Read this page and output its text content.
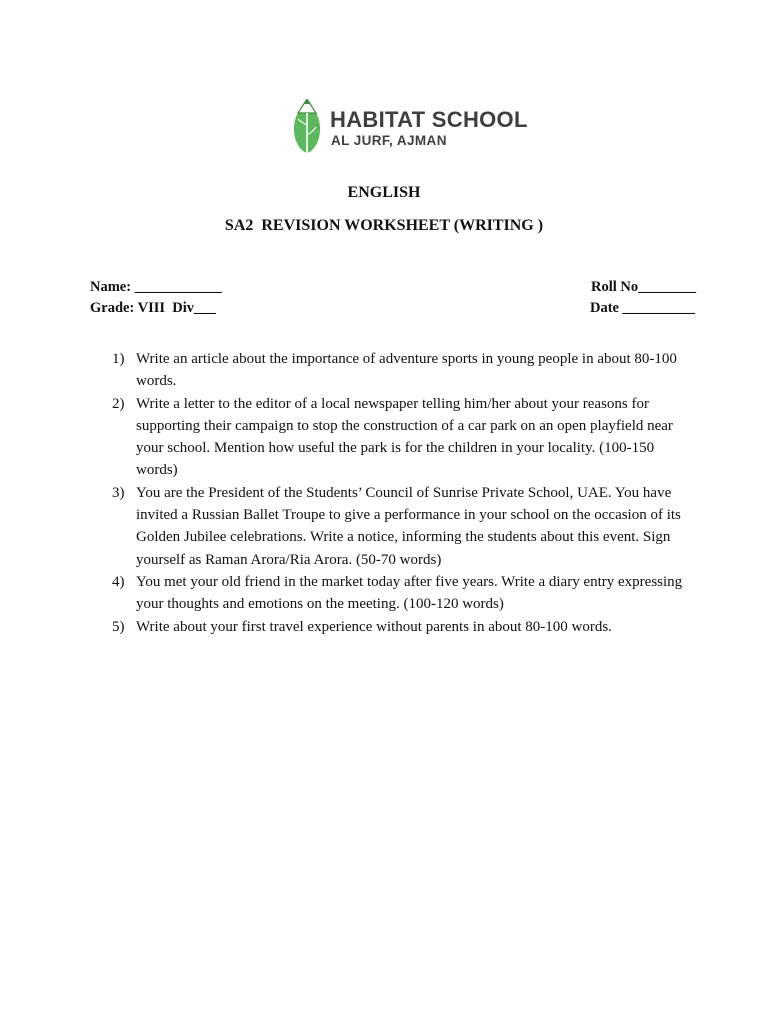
HABITAT SCHOOL
AL JURF, AJMAN
ENGLISH
SA2  REVISION WORKSHEET (WRITING )
Name: ____________
Grade: VIII  Div___
Roll No________
Date __________
1) Write an article about the importance of adventure sports in young people in about 80-100 words.
2) Write a letter to the editor of a local newspaper telling him/her about your reasons for supporting their campaign to stop the construction of a car park on an open playfield near your school. Mention how useful the park is for the children in your locality. (100-150 words)
3) You are the President of the Students’ Council of Sunrise Private School, UAE. You have invited a Russian Ballet Troupe to give a performance in your school on the occasion of its Golden Jubilee celebrations. Write a notice, informing the students about this event. Sign yourself as Raman Arora/Ria Arora. (50-70 words)
4) You met your old friend in the market today after five years. Write a diary entry expressing your thoughts and emotions on the meeting. (100-120 words)
5) Write about your first travel experience without parents in about 80-100 words.
